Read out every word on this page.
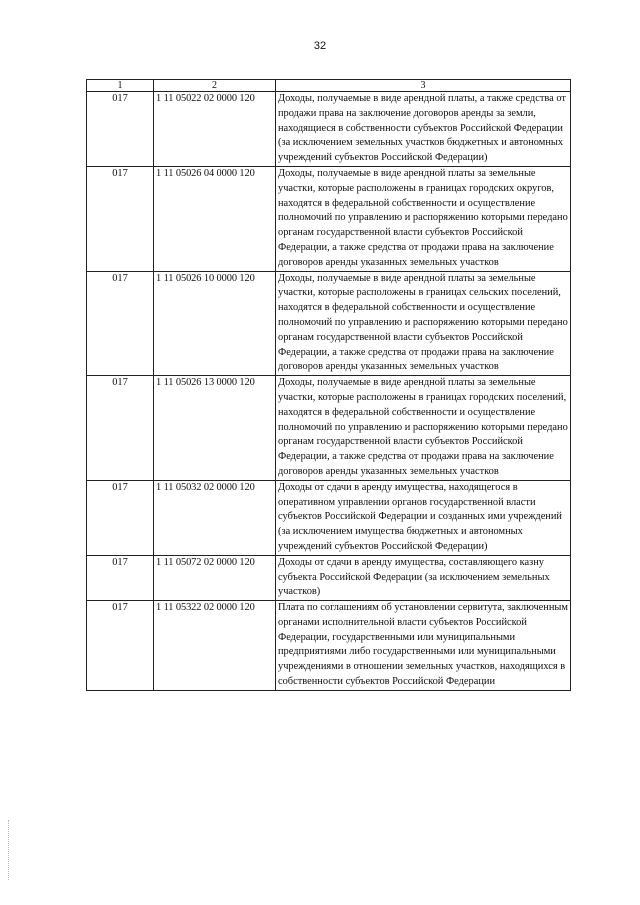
32
1	2	3
017	1 11 05022 02 0000 120	Доходы, получаемые в виде арендной платы, а также средства от продажи права на заключение договоров аренды за земли, находящиеся в собственности субъектов Российской Федерации (за исключением земельных участков бюджетных и автономных учреждений субъектов Российской Федерации)
017	1 11 05026 04 0000 120	Доходы, получаемые в виде арендной платы за земельные участки, которые расположены в границах городских округов, находятся в федеральной собственности и осуществление полномочий по управлению и распоряжению которыми передано органам государственной власти субъектов Российской Федерации, а также средства от продажи права на заключение договоров аренды указанных земельных участков
017	1 11 05026 10 0000 120	Доходы, получаемые в виде арендной платы за земельные участки, которые расположены в границах сельских поселений, находятся в федеральной собственности и осуществление полномочий по управлению и распоряжению которыми передано органам государственной власти субъектов Российской Федерации, а также средства от продажи права на заключение договоров аренды указанных земельных участков
017	1 11 05026 13 0000 120	Доходы, получаемые в виде арендной платы за земельные участки, которые расположены в границах городских поселений, находятся в федеральной собственности и осуществление полномочий по управлению и распоряжению которыми передано органам государственной власти субъектов Российской Федерации, а также средства от продажи права на заключение договоров аренды указанных земельных участков
017	1 11 05032 02 0000 120	Доходы от сдачи в аренду имущества, находящегося в оперативном управлении органов государственной власти субъектов Российской Федерации и созданных ими учреждений (за исключением имущества бюджетных и автономных учреждений субъектов Российской Федерации)
017	1 11 05072 02 0000 120	Доходы от сдачи в аренду имущества, составляющего казну субъекта Российской Федерации (за исключением земельных участков)
017	1 11 05322 02 0000 120	Плата по соглашениям об установлении сервитута, заключенным органами исполнительной власти субъектов Российской Федерации, государственными или муниципальными предприятиями либо государственными или муниципальными учреждениями в отношении земельных участков, находящихся в собственности субъектов Российской Федерации
